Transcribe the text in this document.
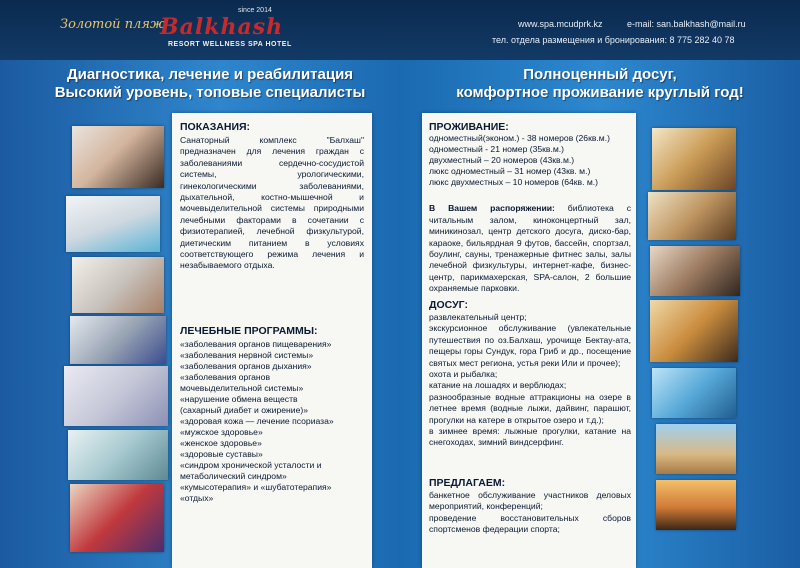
Золотой пляж
Balkhash
since 2014
RESORT WELLNESS SPA HOTEL
www.spa.mcudprk.kz	e-mail: san.balkhash@mail.ru
тел. отдела размещения и бронирования: 8 775 282 40 78
Диагностика, лечение и реабилитация
Высокий уровень, топовые специалисты
Полноценный досуг,
комфортное проживание круглый год!
ПОКАЗАНИЯ:
Санаторный комплекс "Балхаш" предназначен для лечения граждан с заболеваниями сердечно-сосудистой системы, урологическими, гинекологическими заболеваниями, дыхательной, костно-мышечной и мочевыделительной системы природными лечебными факторами в сочетании с физиотерапией, лечебной физкультурой, диетическим питанием в условиях соответствующего режима лечения и незабываемого отдыха.
ЛЕЧЕБНЫЕ ПРОГРАММЫ:
«заболевания органов пищеварения»
«заболевания нервной системы»
«заболевания органов дыхания»
«заболевания органов
мочевыделительной системы»
«нарушение обмена веществ
(сахарный диабет и ожирение)»
«здоровая кожа — лечение псориаза»
«мужское здоровье»
«женское здоровье»
«здоровые суставы»
«синдром хронической усталости и
метаболический синдром»
«кумысотерапия» и «шубатотерапия»
«отдых»
ПРОЖИВАНИЕ:
одноместный(эконом.) - 38 номеров (26кв.м.)
одноместный - 21 номер (35кв.м.)
двухместный – 20 номеров (43кв.м.)
люкс одноместный – 31 номер (43кв. м.)
люкс двухместных – 10 номеров (64кв. м.)

В Вашем распоряжении: библиотека с читальным залом, киноконцертный зал, миникинозал, центр детского досуга, диско-бар, караоке, бильярдная 9 футов, бассейн, спортзал, боулинг, сауны, тренажерные фитнес залы, залы лечебной физкультуры, интернет-кафе, бизнес-центр, парикмахерская, SPA-салон, 2 большие охраняемые парковки.

ДОСУГ:
развлекательный центр;
экскурсионное обслуживание (увлекательные путешествия по оз.Балхаш, урочище Бектау-ата, пещеры горы Сундук, гора Гриб и др., посещение святых мест региона, устья реки Или и прочее);
охота и рыбалка;
катание на лошадях и верблюдах;
разнообразные водные аттракционы на озере в летнее время (водные лыжи, дайвинг, парашют, прогулки на катере в открытое озеро и т.д.);
в зимнее время: лыжные прогулки, катание на снегоходах, зимний виндсерфинг.
ПРЕДЛАГАЕМ:
банкетное обслуживание участников деловых мероприятий, конференций;
проведение восстановительных сборов спортсменов федерации спорта;
